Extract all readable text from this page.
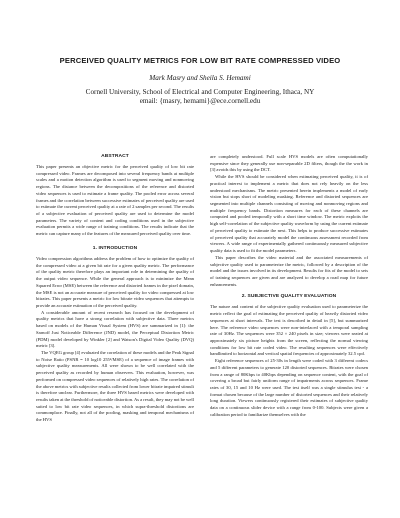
PERCEIVED QUALITY METRICS FOR LOW BIT RATE COMPRESSED VIDEO
Mark Masry and Sheila S. Hemami
Cornell University, School of Electrical and Computer Engineering, Ithaca, NY
email: {masry, hemami}@ece.cornell.edu
ABSTRACT

This paper presents an objective metric for the perceived quality of low bit rate compressed video. Frames are decomposed into several frequency bands at multiple scales and a motion detection algorithm is used to segment moving and nonmoving regions. The distance between the decompositions of the reference and distorted video sequences is used to estimate a frame quality. The pooled error across several frames and the correlation between successive estimates of perceived quality are used to estimate the current perceived quality at a rate of 2 samples per second. The results of a subjective evaluation of perceived quality are used to determine the model parameters. The variety of content and coding conditions used in the subjective evaluation permits a wide range of training conditions. The results indicate that the metric can capture many of the features of the measured perceived quality over time.

1. INTRODUCTION

Video compression algorithms address the problem of how to optimize the quality of the compressed video at a given bit rate for a given quality metric. The performance of the quality metric therefore plays an important role in determining the quality of the output video sequence. While the general approach is to minimize the Mean Squared Error (MSE) between the reference and distorted frames in the pixel domain, the MSE is not an accurate measure of perceived quality for video compressed at low bitrates. This paper presents a metric for low bitrate video sequences that attempts to provide an accurate estimation of the perceived quality.

A considerable amount of recent research has focused on the development of quality metrics that have a strong correlation with subjective data. Three metrics based on models of the Human Visual System (HVS) are summarized in [1]: the Sarnoff Just Noticeable Difference (JND) model, the Perceptual Distortion Metric (PDM) model developed by Winkler [2] and Watson's Digital Video Quality (DVQ) metric [3].

The VQEG group [4] evaluated the correlation of these models and the Peak Signal to Noise Ratio (PSNR = 10 log10 255²/MSE) of a sequence of image frames with subjective quality measurements. All were shown to be well correlated with the perceived quality as recorded by human observers. This evaluation, however, was performed on compressed video sequences of relatively high rates. The correlation of the above metrics with subjective results collected from lower bitrate impaired stimuli is therefore unclear. Furthermore, the three HVS based metrics were developed with results taken at the threshold of noticeable distortion. As a result, they may not be well suited to low bit rate video sequences, in which supra-threshold distortions are commonplace. Finally, not all of the pooling, masking and temporal mechanisms of the HVS

are completely understood. Full scale HVS models are often computationally expensive since they generally use non-separable 2D filters, though the the work in [3] avoids this by using the DCT.

While the HVS should be considered when estimating perceived quality, it is of practical interest to implement a metric that does not rely heavily on the less understood mechanisms. The metric presented herein implements a model of early vision but stops short of modeling masking. Reference and distorted sequences are segmented into multiple channels consisting of moving and nonmoving regions and multiple frequency bands. Distortion measures for each of these channels are computed and pooled temporally with a short time window. The metric exploits the high self-correlation of the subjective quality waveform by using the current estimate of perceived quality to estimate the next. This helps to produce successive estimates of perceived quality that accurately model the continuous assessment recorded from viewers. A wide range of experimentally gathered continuously measured subjective quality data is used to fit the model parameters.

This paper describes the video material and the associated measurements of subjective quality used to parameterize the metric, followed by a description of the model and the issues involved in its development. Results for fits of the model to sets of training sequences are given and are analyzed to develop a road map for future enhancements.

2. SUBJECTIVE QUALITY EVALUATION

The nature and content of the subjective quality evaluation used to parameterize the metric reflect the goal of estimating the perceived quality of heavily distorted video sequences at short intervals. The test is described in detail in [5], but summarized here. The reference video sequences were non-interlaced with a temporal sampling rate of 30Hz. The sequences were 352 × 240 pixels in size; viewers were seated at approximately six picture heights from the screen, reflecting the normal viewing conditions for low bit rate coded video. The resulting sequences were effectively bandlimited to horizontal and vertical spatial frequencies of approximately 32.5 cpd.

Eight reference sequences of 25-30s in length were coded with 3 different codecs and 5 different parameters to generate 120 distorted sequences. Bitrates were chosen from a range of 80Kbps to 40Kbps depending on sequence content, with the goal of covering a broad but fairly uniform range of impairments across sequences. Frame rates of 30, 15 and 10 Hz were used. The test itself was a single stimulus test - a format chosen because of the large number of distorted sequences and their relatively long duration. Viewers continuously registered their estimates of subjective quality data on a continuous slider device with a range from 0-100. Subjects were given a calibration period to familiarize themselves with the
